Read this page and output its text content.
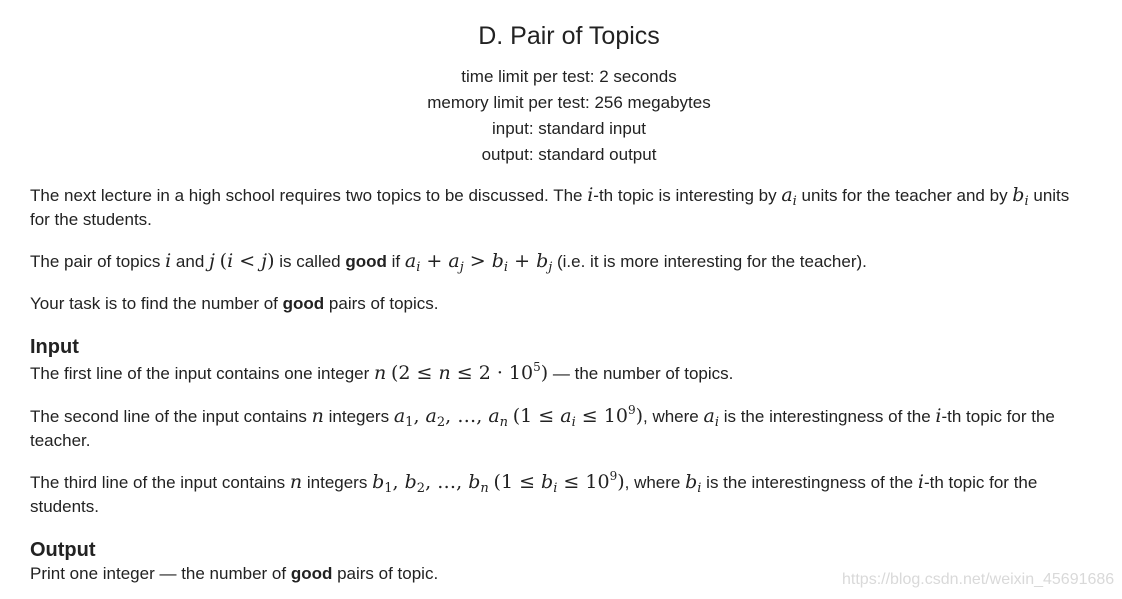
D. Pair of Topics
time limit per test: 2 seconds
memory limit per test: 256 megabytes
input: standard input
output: standard output
The next lecture in a high school requires two topics to be discussed. The i-th topic is interesting by $a_i$ units for the teacher and by $b_i$ units
for the students.
The pair of topics i and j (i < j) is called good if $a_i + a_j > b_i + b_j$ (i.e. it is more interesting for the teacher).
Your task is to find the number of good pairs of topics.
Input
The first line of the input contains one integer n $(2 \le n \le 2 \cdot 10^5)$ — the number of topics.
The second line of the input contains n integers $a_1$, $a_2$, …, $a_n$ $(1 \le a_i \le 10^9)$, where $a_i$ is the interestingness of the i-th topic for the
teacher.
The third line of the input contains n integers $b_1$, $b_2$, …, $b_n$ $(1 \le b_i \le 10^9)$, where $b_i$ is the interestingness of the i-th topic for the
students.
Output
Print one integer — the number of good pairs of topic.	https://blog.csdn.net/weixin_45691686
